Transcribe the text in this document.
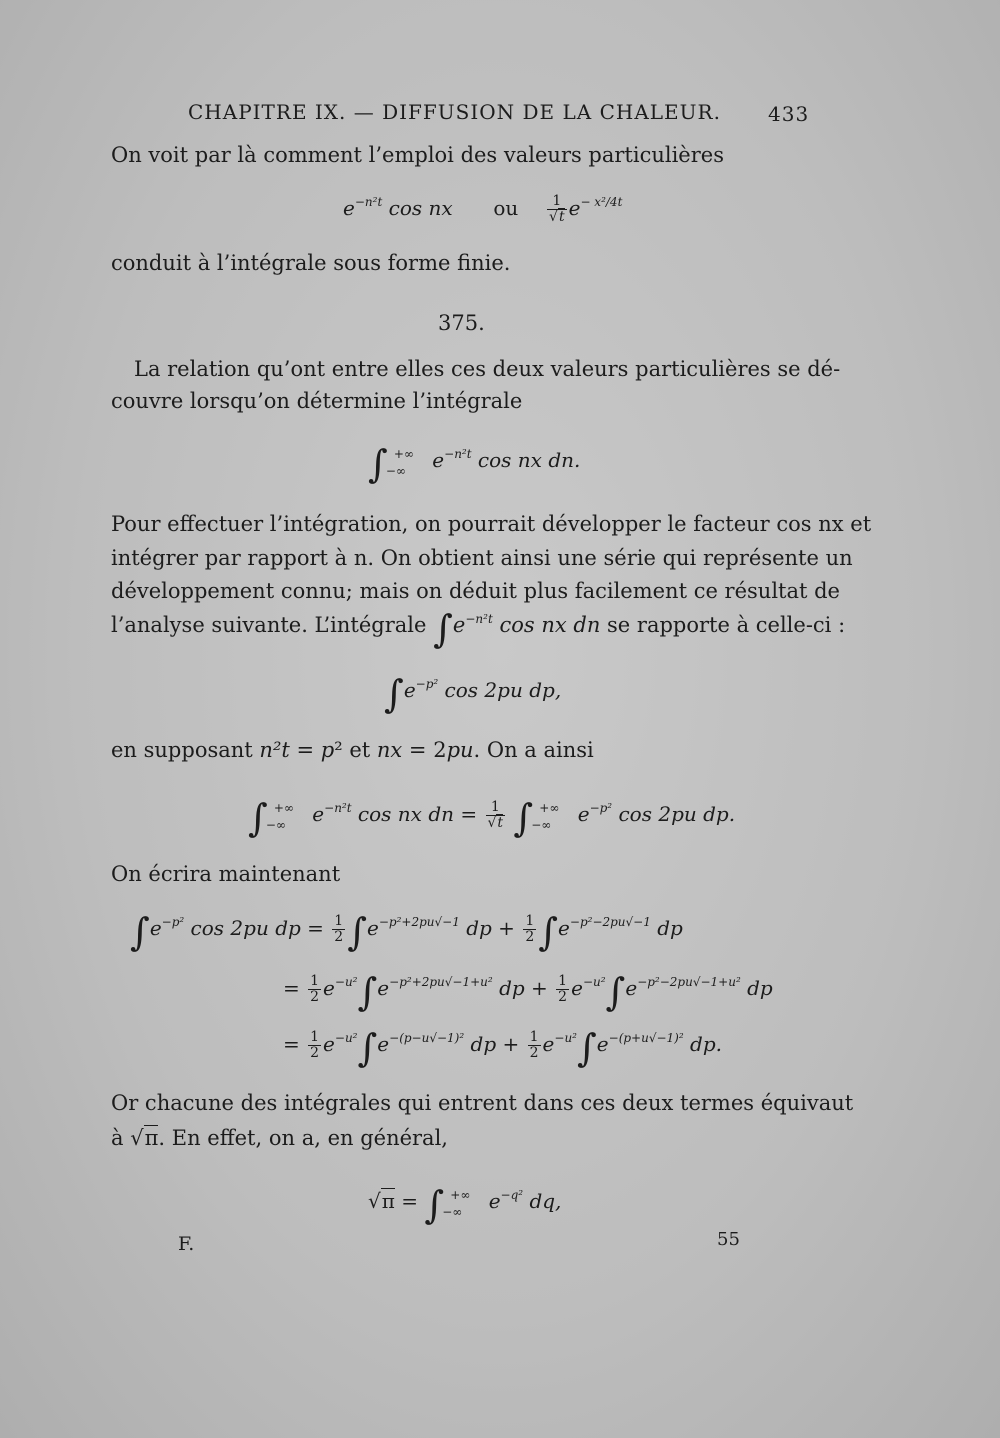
CHAPITRE IX. — DIFFUSION DE LA CHALEUR. 433
On voit par là comment l’emploi des valeurs particulières
$e^{-n^2t}$ cos nx ou $\frac{1}{√t} e^{- x^2/4t}$
conduit à l’intégrale sous forme finie.
375.
La relation qu’ont entre elles ces deux valeurs particulières se dé-
couvre lorsqu’on détermine l’intégrale
$\int_{-\infty}^{+\infty}$ $e^{-n^2t}$ cos nx dn.
Pour effectuer l’intégration, on pourrait développer le facteur cos nx et
intégrer par rapport à n. On obtient ainsi une série qui représente un
développement connu; mais on déduit plus facilement ce résultat de
l’analyse suivante. L’intégrale $\int e^{-n^2t}$ cos nx dn se rapporte à celle-ci :
$\int e^{-p^2}$ cos 2pu dp,
en supposant n²t = p² et nx = 2pu. On a ainsi
$\int_{-\infty}^{+\infty}$ $e^{-n^2t}$ cos nx dn = $\frac{1}{√t} \int_{-\infty}^{+\infty}$ $e^{-p^2}$ cos 2pu dp.
On écrira maintenant
$\int e^{-p^2}$ cos 2pu dp = $\frac{1}{2} \int e^{-p^2+2pu√-1}$ dp + $\frac{1}{2} \int e^{-p^2-2pu√-1}$ dp
= $\frac{1}{2} e^{-u^2}\int e^{-p^2+2pu√-1+u^2}$ dp + $\frac{1}{2} e^{-u^2}\int e^{-p^2-2pu√-1+u^2}$ dp
= $\frac{1}{2} e^{-u^2}\int e^{-(p-u√-1)^2}$ dp + $\frac{1}{2} e^{-u^2}\int e^{-(p+u√-1)^2}$ dp.
Or chacune des intégrales qui entrent dans ces deux termes équivaut
à √π. En effet, on a, en général,
$√\pi = \int_{-\infty}^{+\infty}$ $e^{-q^2}$ dq,
F.	55
